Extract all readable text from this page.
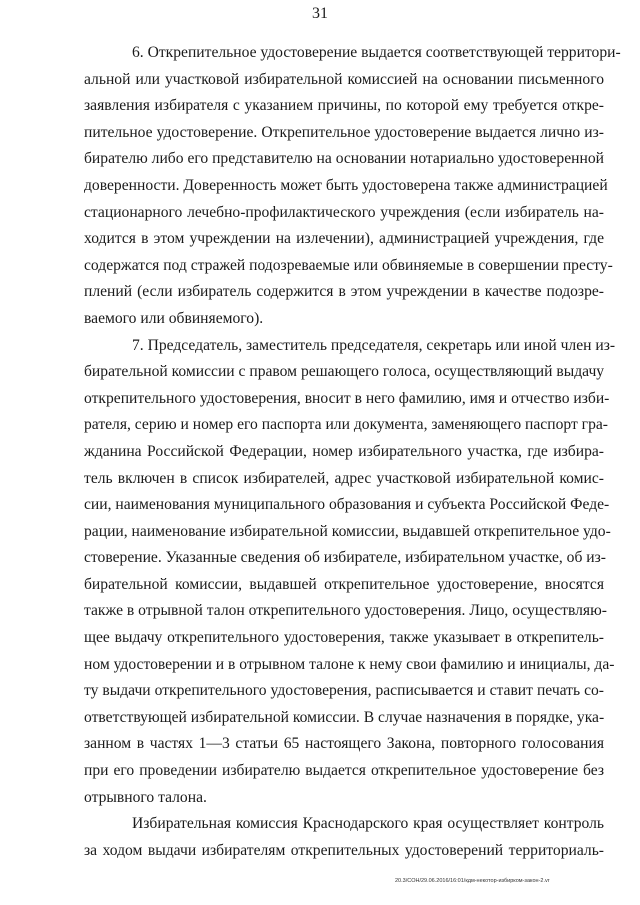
31

6. Открепительное удостоверение выдается соответствующей территори-
альной или участковой избирательной комиссией на основании письменного
заявления избирателя с указанием причины, по которой ему требуется откре-
пительное удостоверение. Открепительное удостоверение выдается лично из-
бирателю либо его представителю на основании нотариально удостоверенной
доверенности. Доверенность может быть удостоверена также администрацией
стационарного лечебно-профилактического учреждения (если избиратель на-
ходится в этом учреждении на излечении), администрацией учреждения, где
содержатся под стражей подозреваемые или обвиняемые в совершении престу-
плений (если избиратель содержится в этом учреждении в качестве подозре-
ваемого или обвиняемого).

7. Председатель, заместитель председателя, секретарь или иной член из-
бирательной комиссии с правом решающего голоса, осуществляющий выдачу
открепительного удостоверения, вносит в него фамилию, имя и отчество изби-
рателя, серию и номер его паспорта или документа, заменяющего паспорт гра-
жданина Российской Федерации, номер избирательного участка, где избира-
тель включен в список избирателей, адрес участковой избирательной комис-
сии, наименования муниципального образования и субъекта Российской Феде-
рации, наименование избирательной комиссии, выдавшей открепительное удо-
стоверение. Указанные сведения об избирателе, избирательном участке, об из-
бирательной комиссии, выдавшей открепительное удостоверение, вносятся
также в отрывной талон открепительного удостоверения. Лицо, осуществляю-
щее выдачу открепительного удостоверения, также указывает в открепитель-
ном удостоверении и в отрывном талоне к нему свои фамилию и инициалы, да-
ту выдачи открепительного удостоверения, расписывается и ставит печать со-
ответствующей избирательной комиссии. В случае назначения в порядке, ука-
занном в частях 1—3 статьи 65 настоящего Закона, повторного голосования
при его проведении избирателю выдается открепительное удостоверение без
отрывного талона.

Избирательная комиссия Краснодарского края осуществляет контроль
за ходом выдачи избирателям открепительных удостоверений территориаль-

20.3/COH/29.06.2016/16:01/кдм-некотор-избирком-закон-2.vr
